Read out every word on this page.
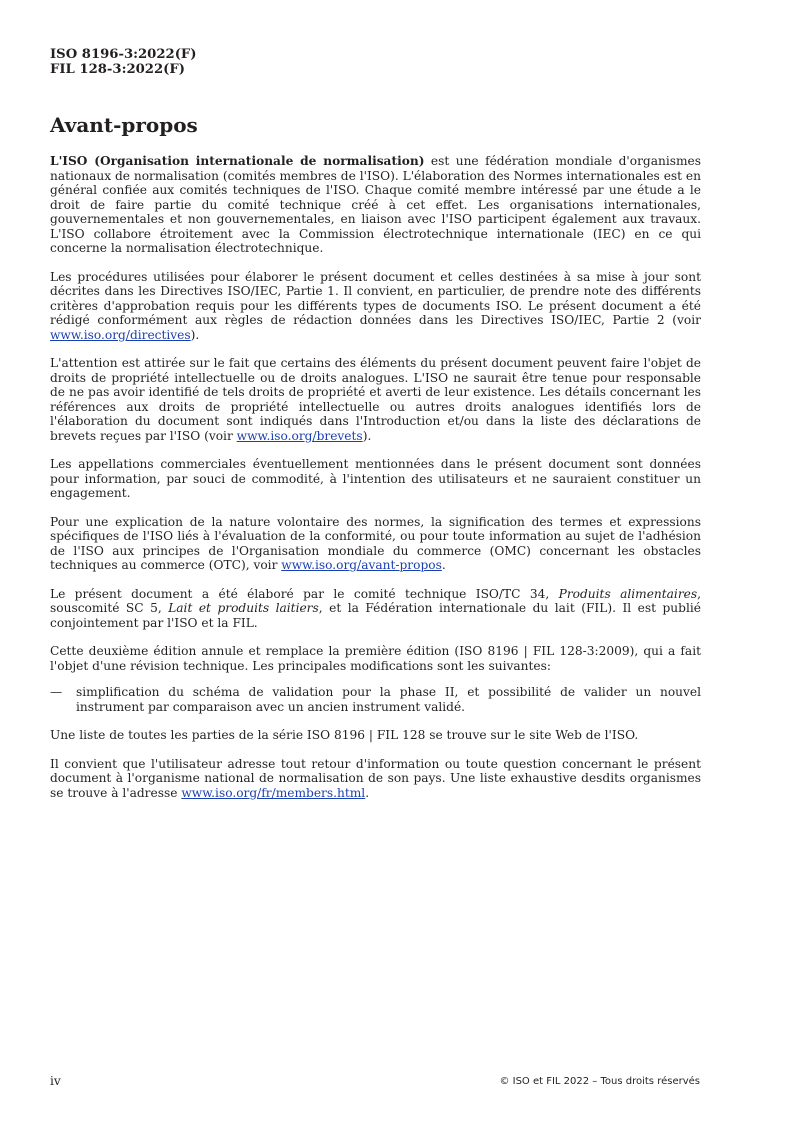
ISO 8196-3:2022(F)
FIL 128-3:2022(F)
Avant-propos

L'ISO (Organisation internationale de normalisation) est une fédération mondiale d'organismes nationaux de normalisation (comités membres de l'ISO). L'élaboration des Normes internationales est en général confiée aux comités techniques de l'ISO. Chaque comité membre intéressé par une étude a le droit de faire partie du comité technique créé à cet effet. Les organisations internationales, gouvernementales et non gouvernementales, en liaison avec l'ISO participent également aux travaux. L'ISO collabore étroitement avec la Commission électrotechnique internationale (IEC) en ce qui concerne la normalisation électrotechnique.

Les procédures utilisées pour élaborer le présent document et celles destinées à sa mise à jour sont décrites dans les Directives ISO/IEC, Partie 1. Il convient, en particulier, de prendre note des différents critères d'approbation requis pour les différents types de documents ISO. Le présent document a été rédigé conformément aux règles de rédaction données dans les Directives ISO/IEC, Partie 2 (voir www.iso.org/directives).

L'attention est attirée sur le fait que certains des éléments du présent document peuvent faire l'objet de droits de propriété intellectuelle ou de droits analogues. L'ISO ne saurait être tenue pour responsable de ne pas avoir identifié de tels droits de propriété et averti de leur existence. Les détails concernant les références aux droits de propriété intellectuelle ou autres droits analogues identifiés lors de l'élaboration du document sont indiqués dans l'Introduction et/ou dans la liste des déclarations de brevets reçues par l'ISO (voir www.iso.org/brevets).

Les appellations commerciales éventuellement mentionnées dans le présent document sont données pour information, par souci de commodité, à l'intention des utilisateurs et ne sauraient constituer un engagement.

Pour une explication de la nature volontaire des normes, la signification des termes et expressions spécifiques de l'ISO liés à l'évaluation de la conformité, ou pour toute information au sujet de l'adhésion de l'ISO aux principes de l'Organisation mondiale du commerce (OMC) concernant les obstacles techniques au commerce (OTC), voir www.iso.org/avant-propos.

Le présent document a été élaboré par le comité technique ISO/TC 34, Produits alimentaires, souscomité SC 5, Lait et produits laitiers, et la Fédération internationale du lait (FIL). Il est publié conjointement par l'ISO et la FIL.

Cette deuxième édition annule et remplace la première édition (ISO 8196 | FIL 128-3:2009), qui a fait l'objet d'une révision technique. Les principales modifications sont les suivantes:

—	simplification du schéma de validation pour la phase II, et possibilité de valider un nouvel instrument par comparaison avec un ancien instrument validé.

Une liste de toutes les parties de la série ISO 8196 | FIL 128 se trouve sur le site Web de l'ISO.

Il convient que l'utilisateur adresse tout retour d'information ou toute question concernant le présent document à l'organisme national de normalisation de son pays. Une liste exhaustive desdits organismes se trouve à l'adresse www.iso.org/fr/members.html.

iv	© ISO et FIL 2022 – Tous droits réservés
